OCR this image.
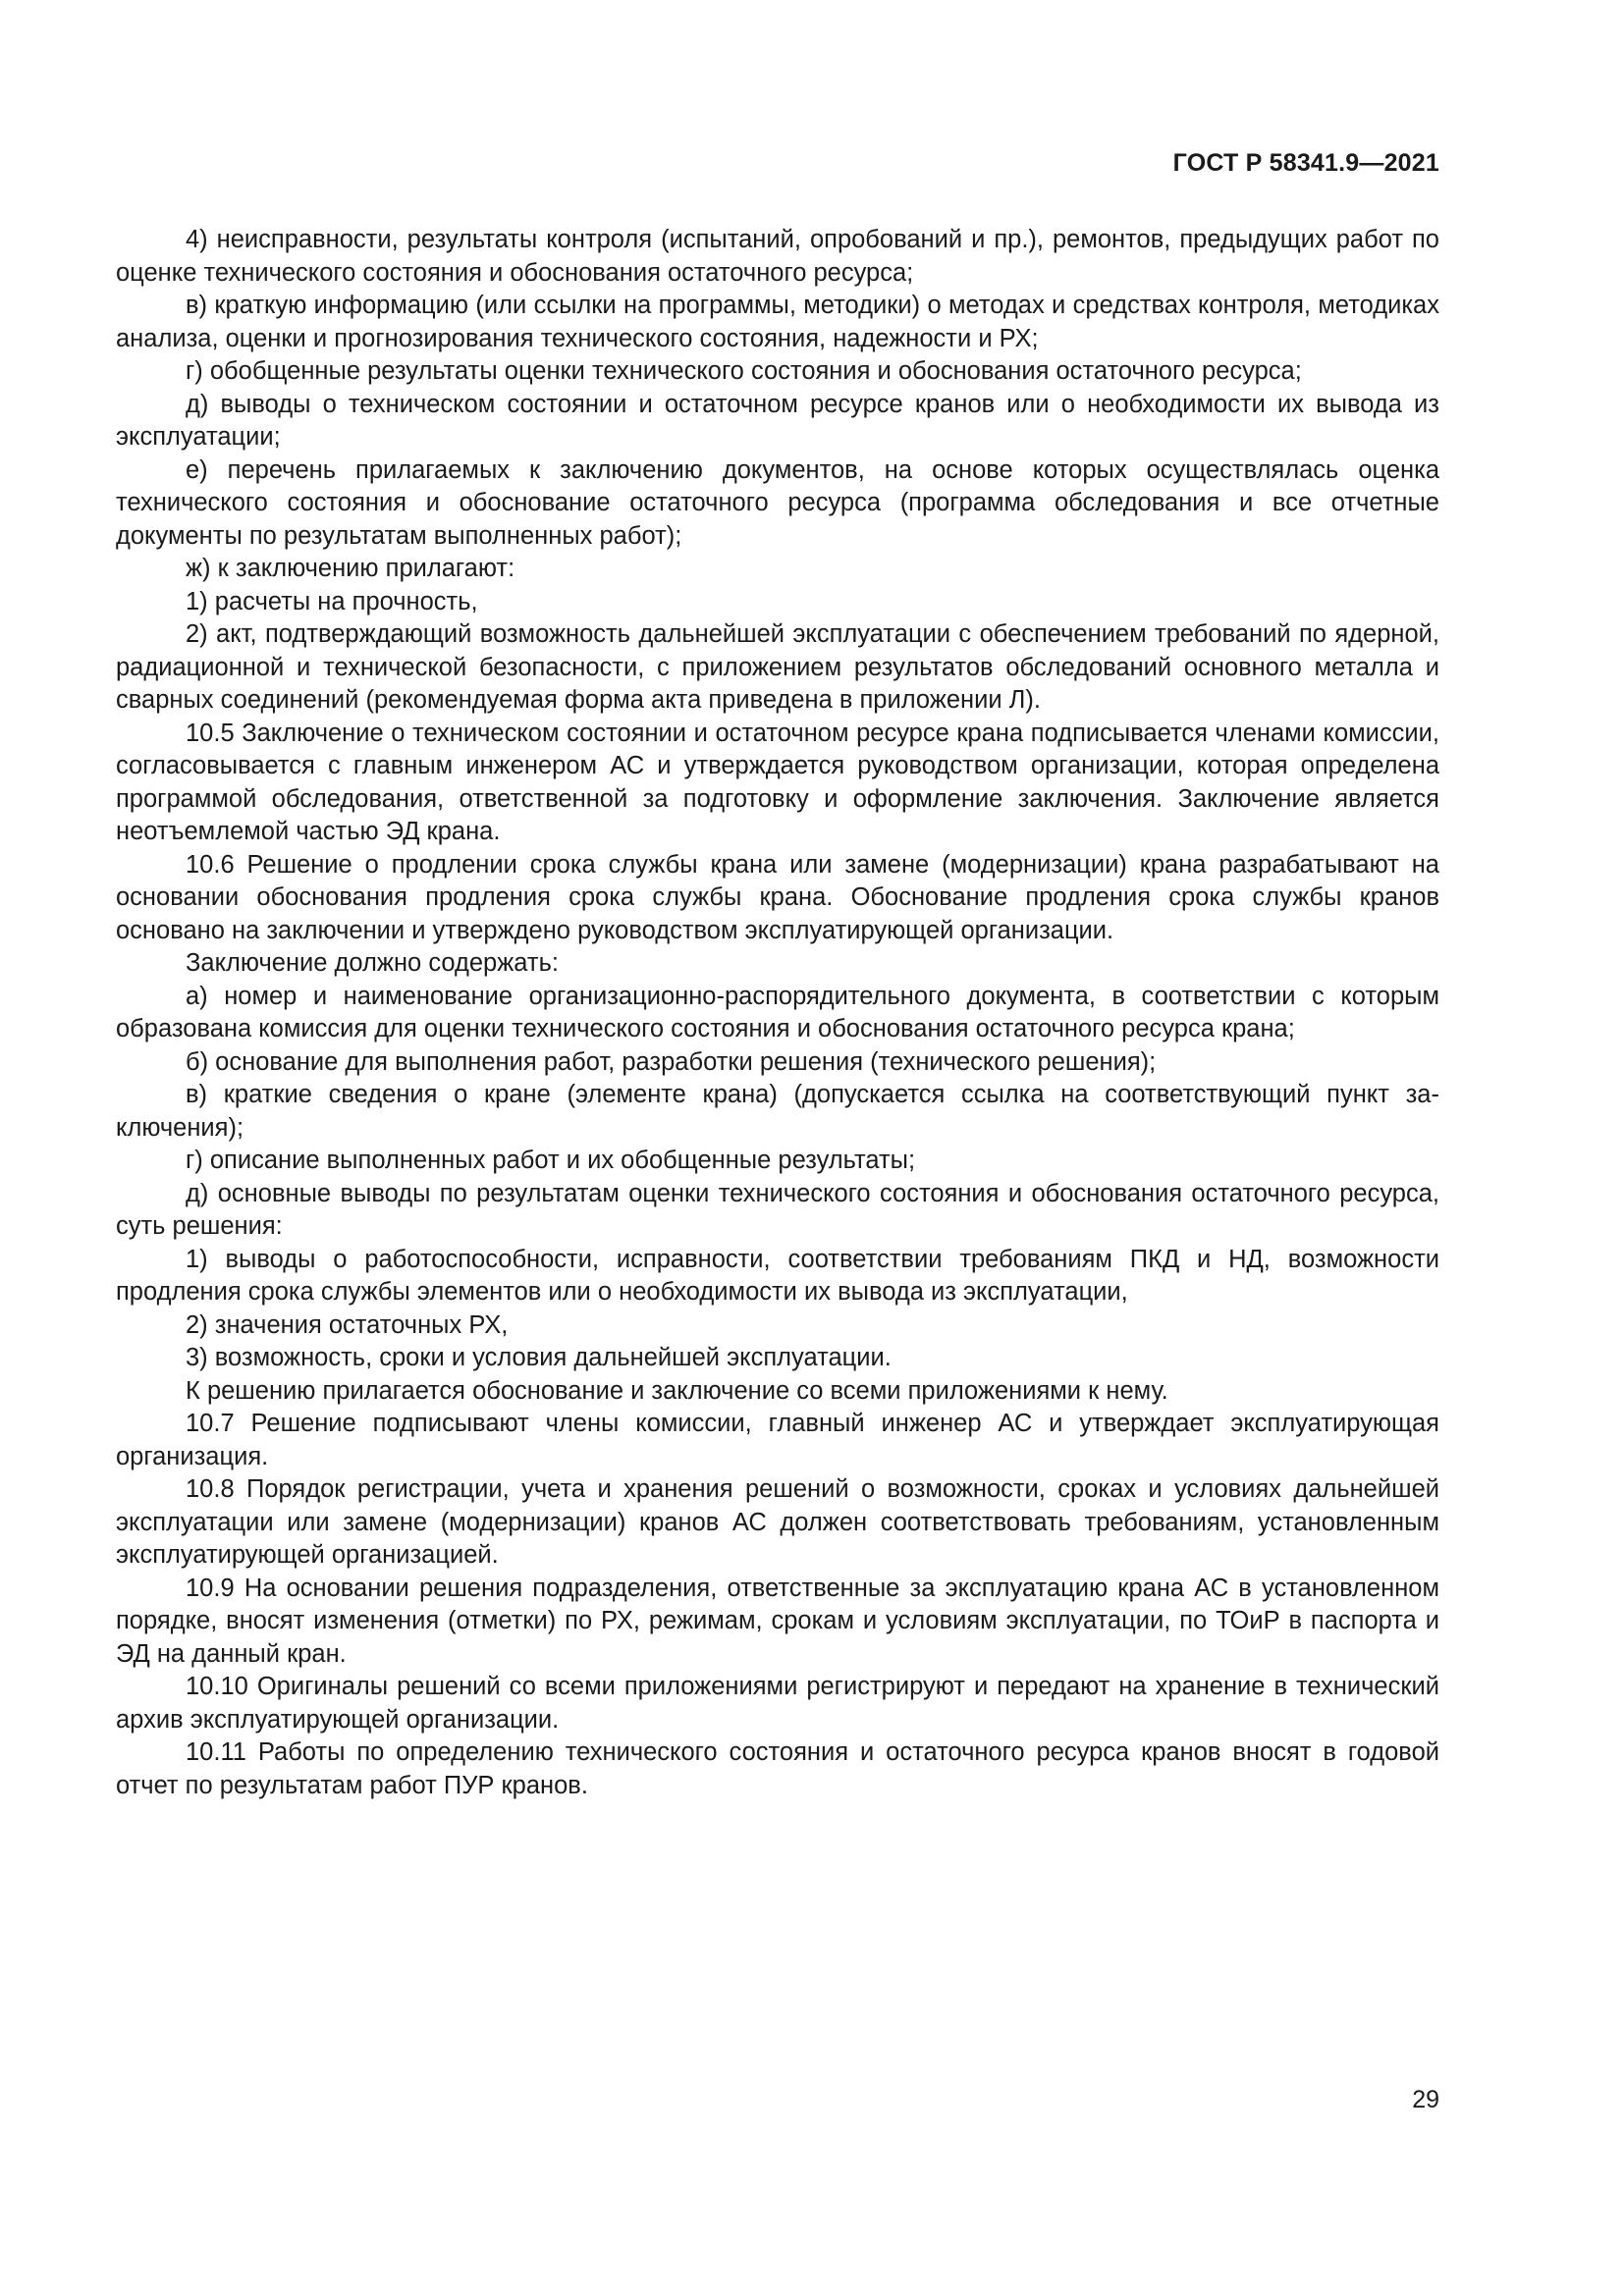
ГОСТ Р 58341.9—2021

4) неисправности, результаты контроля (испытаний, опробований и пр.), ремонтов, предыдущих работ по оценке технического состояния и обоснования остаточного ресурса;

в) краткую информацию (или ссылки на программы, методики) о методах и средствах контроля, методиках анализа, оценки и прогнозирования технического состояния, надежности и РХ;

г) обобщенные результаты оценки технического состояния и обоснования остаточного ресурса;

д) выводы о техническом состоянии и остаточном ресурсе кранов или о необходимости их вывода из эксплуатации;

е) перечень прилагаемых к заключению документов, на основе которых осуществлялась оценка технического состояния и обоснование остаточного ресурса (программа обследования и все отчетные документы по результатам выполненных работ);

ж) к заключению прилагают:

1) расчеты на прочность,

2) акт, подтверждающий возможность дальнейшей эксплуатации с обеспечением требований по ядерной, радиационной и технической безопасности, с приложением результатов обследований основного металла и сварных соединений (рекомендуемая форма акта приведена в приложении Л).

10.5 Заключение о техническом состоянии и остаточном ресурсе крана подписывается членами комиссии, согласовывается с главным инженером АС и утверждается руководством организации, которая определена программой обследования, ответственной за подготовку и оформление заключения. Заключение является неотъемлемой частью ЭД крана.

10.6 Решение о продлении срока службы крана или замене (модернизации) крана разрабатывают на основании обоснования продления срока службы крана. Обоснование продления срока службы кранов основано на заключении и утверждено руководством эксплуатирующей организации.

Заключение должно содержать:

а) номер и наименование организационно-распорядительного документа, в соответствии с которым образована комиссия для оценки технического состояния и обоснования остаточного ресурса крана;

б) основание для выполнения работ, разработки решения (технического решения);

в) краткие сведения о кране (элементе крана) (допускается ссылка на соответствующий пункт заключения);

г) описание выполненных работ и их обобщенные результаты;

д) основные выводы по результатам оценки технического состояния и обоснования остаточного ресурса, суть решения:

1) выводы о работоспособности, исправности, соответствии требованиям ПКД и НД, возможности продления срока службы элементов или о необходимости их вывода из эксплуатации,

2) значения остаточных РХ,

3) возможность, сроки и условия дальнейшей эксплуатации.

К решению прилагается обоснование и заключение со всеми приложениями к нему.

10.7 Решение подписывают члены комиссии, главный инженер АС и утверждает эксплуатирующая организация.

10.8 Порядок регистрации, учета и хранения решений о возможности, сроках и условиях дальнейшей эксплуатации или замене (модернизации) кранов АС должен соответствовать требованиям, установленным эксплуатирующей организацией.

10.9 На основании решения подразделения, ответственные за эксплуатацию крана АС в установленном порядке, вносят изменения (отметки) по РХ, режимам, срокам и условиям эксплуатации, по ТОиР в паспорта и ЭД на данный кран.

10.10 Оригиналы решений со всеми приложениями регистрируют и передают на хранение в технический архив эксплуатирующей организации.

10.11 Работы по определению технического состояния и остаточного ресурса кранов вносят в годовой отчет по результатам работ ПУР кранов.

29
